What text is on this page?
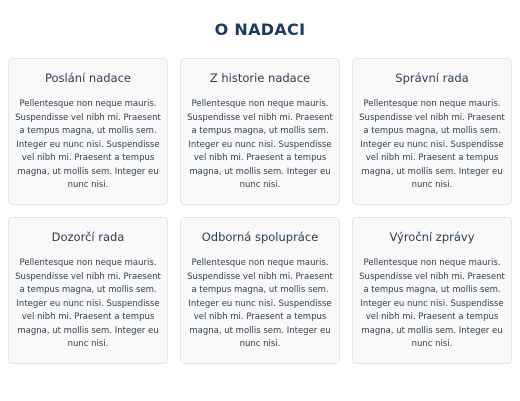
O NADACI
Poslání nadace
Pellentesque non neque mauris. Suspendisse vel nibh mi. Praesent a tempus magna, ut mollis sem. Integer eu nunc nisi. Suspendisse vel nibh mi. Praesent a tempus magna, ut mollis sem. Integer eu nunc nisi.
Z historie nadace
Pellentesque non neque mauris. Suspendisse vel nibh mi. Praesent a tempus magna, ut mollis sem. Integer eu nunc nisi. Suspendisse vel nibh mi. Praesent a tempus magna, ut mollis sem. Integer eu nunc nisi.
Správní rada
Pellentesque non neque mauris. Suspendisse vel nibh mi. Praesent a tempus magna, ut mollis sem. Integer eu nunc nisi. Suspendisse vel nibh mi. Praesent a tempus magna, ut mollis sem. Integer eu nunc nisi.
Dozorčí rada
Pellentesque non neque mauris. Suspendisse vel nibh mi. Praesent a tempus magna, ut mollis sem. Integer eu nunc nisi. Suspendisse vel nibh mi. Praesent a tempus magna, ut mollis sem. Integer eu nunc nisi.
Odborná spolupráce
Pellentesque non neque mauris. Suspendisse vel nibh mi. Praesent a tempus magna, ut mollis sem. Integer eu nunc nisi. Suspendisse vel nibh mi. Praesent a tempus magna, ut mollis sem. Integer eu nunc nisi.
Výroční zprávy
Pellentesque non neque mauris. Suspendisse vel nibh mi. Praesent a tempus magna, ut mollis sem. Integer eu nunc nisi. Suspendisse vel nibh mi. Praesent a tempus magna, ut mollis sem. Integer eu nunc nisi.
